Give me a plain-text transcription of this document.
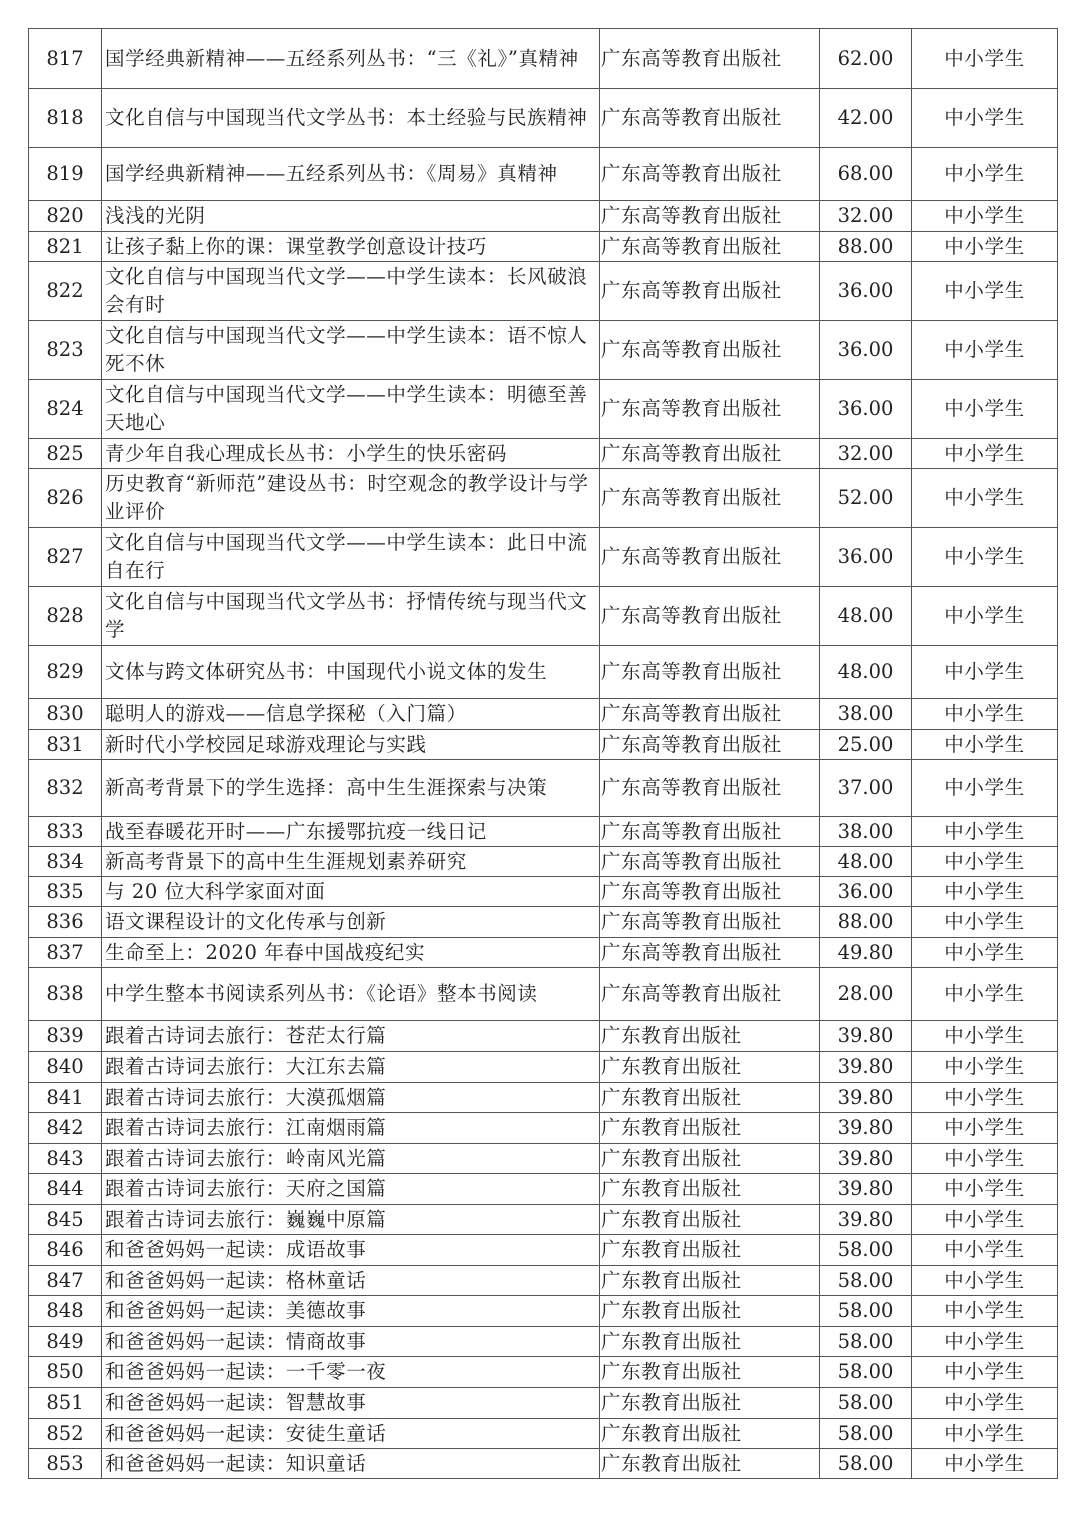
817	国学经典新精神——五经系列丛书：“三《礼》”真精神	广东高等教育出版社	62.00	中小学生
818	文化自信与中国现当代文学丛书：本土经验与民族精神	广东高等教育出版社	42.00	中小学生
819	国学经典新精神——五经系列丛书：《周易》真精神	广东高等教育出版社	68.00	中小学生
820	浅浅的光阴	广东高等教育出版社	32.00	中小学生
821	让孩子黏上你的课：课堂教学创意设计技巧	广东高等教育出版社	88.00	中小学生
822	文化自信与中国现当代文学——中学生读本：长风破浪会有时	广东高等教育出版社	36.00	中小学生
823	文化自信与中国现当代文学——中学生读本：语不惊人死不休	广东高等教育出版社	36.00	中小学生
824	文化自信与中国现当代文学——中学生读本：明德至善天地心	广东高等教育出版社	36.00	中小学生
825	青少年自我心理成长丛书：小学生的快乐密码	广东高等教育出版社	32.00	中小学生
826	历史教育“新师范”建设丛书：时空观念的教学设计与学业评价	广东高等教育出版社	52.00	中小学生
827	文化自信与中国现当代文学——中学生读本：此日中流自在行	广东高等教育出版社	36.00	中小学生
828	文化自信与中国现当代文学丛书：抒情传统与现当代文学	广东高等教育出版社	48.00	中小学生
829	文体与跨文体研究丛书：中国现代小说文体的发生	广东高等教育出版社	48.00	中小学生
830	聪明人的游戏——信息学探秘（入门篇）	广东高等教育出版社	38.00	中小学生
831	新时代小学校园足球游戏理论与实践	广东高等教育出版社	25.00	中小学生
832	新高考背景下的学生选择：高中生生涯探索与决策	广东高等教育出版社	37.00	中小学生
833	战至春暖花开时——广东援鄂抗疫一线日记	广东高等教育出版社	38.00	中小学生
834	新高考背景下的高中生生涯规划素养研究	广东高等教育出版社	48.00	中小学生
835	与 20 位大科学家面对面	广东高等教育出版社	36.00	中小学生
836	语文课程设计的文化传承与创新	广东高等教育出版社	88.00	中小学生
837	生命至上：2020 年春中国战疫纪实	广东高等教育出版社	49.80	中小学生
838	中学生整本书阅读系列丛书：《论语》整本书阅读	广东高等教育出版社	28.00	中小学生
839	跟着古诗词去旅行：苍茫太行篇	广东教育出版社	39.80	中小学生
840	跟着古诗词去旅行：大江东去篇	广东教育出版社	39.80	中小学生
841	跟着古诗词去旅行：大漠孤烟篇	广东教育出版社	39.80	中小学生
842	跟着古诗词去旅行：江南烟雨篇	广东教育出版社	39.80	中小学生
843	跟着古诗词去旅行：岭南风光篇	广东教育出版社	39.80	中小学生
844	跟着古诗词去旅行：天府之国篇	广东教育出版社	39.80	中小学生
845	跟着古诗词去旅行：巍巍中原篇	广东教育出版社	39.80	中小学生
846	和爸爸妈妈一起读：成语故事	广东教育出版社	58.00	中小学生
847	和爸爸妈妈一起读：格林童话	广东教育出版社	58.00	中小学生
848	和爸爸妈妈一起读：美德故事	广东教育出版社	58.00	中小学生
849	和爸爸妈妈一起读：情商故事	广东教育出版社	58.00	中小学生
850	和爸爸妈妈一起读：一千零一夜	广东教育出版社	58.00	中小学生
851	和爸爸妈妈一起读：智慧故事	广东教育出版社	58.00	中小学生
852	和爸爸妈妈一起读：安徒生童话	广东教育出版社	58.00	中小学生
853	和爸爸妈妈一起读：知识童话	广东教育出版社	58.00	中小学生
